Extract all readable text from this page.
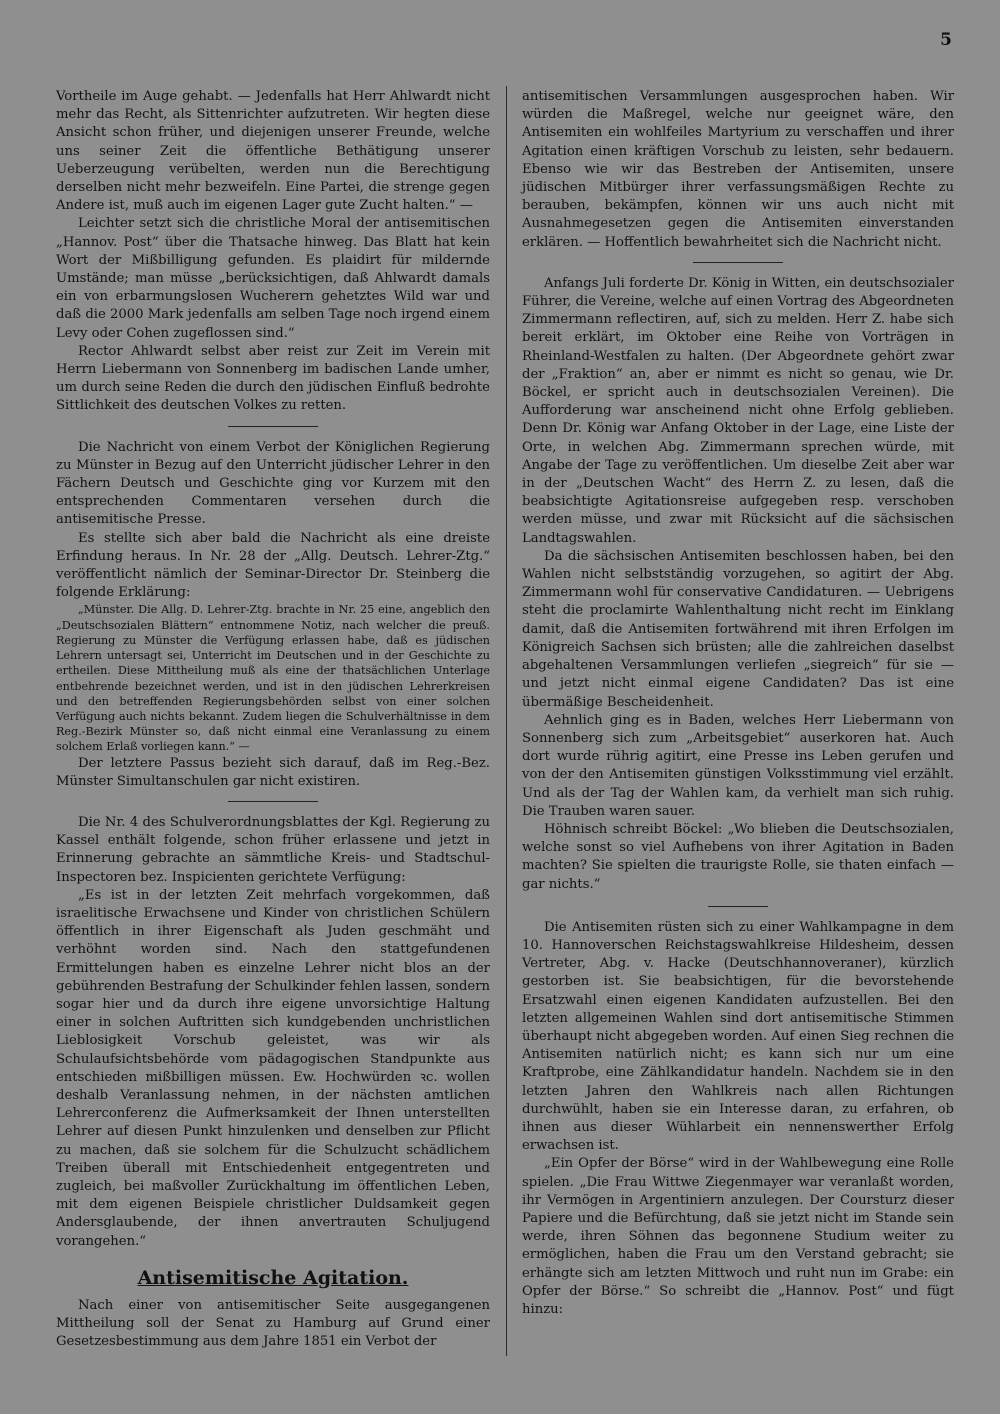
5

Vortheile im Auge gehabt. — Jedenfalls hat Herr Ahlwardt nicht mehr das Recht, als Sittenrichter aufzutreten. Wir hegten diese Ansicht schon früher, und diejenigen unserer Freunde, welche uns seiner Zeit die öffentliche Bethätigung unserer Ueberzeugung verübelten, werden nun die Berechtigung derselben nicht mehr bezweifeln. Eine Partei, die strenge gegen Andere ist, muß auch im eigenen Lager gute Zucht halten.“ —

Leichter setzt sich die christliche Moral der antisemitischen „Hannov. Post“ über die Thatsache hinweg. Das Blatt hat kein Wort der Mißbilligung gefunden. Es plaidirt für mildernde Umstände; man müsse „berücksichtigen, daß Ahlwardt damals ein von erbarmungslosen Wucherern gehetztes Wild war und daß die 2000 Mark jedenfalls am selben Tage noch irgend einem Levy oder Cohen zugeflossen sind.“

Rector Ahlwardt selbst aber reist zur Zeit im Verein mit Herrn Liebermann von Sonnenberg im badischen Lande umher, um durch seine Reden die durch den jüdischen Einfluß bedrohte Sittlichkeit des deutschen Volkes zu retten.

Die Nachricht von einem Verbot der Königlichen Regierung zu Münster in Bezug auf den Unterricht jüdischer Lehrer in den Fächern Deutsch und Geschichte ging vor Kurzem mit den entsprechenden Commentaren versehen durch die antisemitische Presse.

Es stellte sich aber bald die Nachricht als eine dreiste Erfindung heraus. In Nr. 28 der „Allg. Deutsch. Lehrer-Ztg.“ veröffentlicht nämlich der Seminar-Director Dr. Steinberg die folgende Erklärung:

„Münster. Die Allg. D. Lehrer-Ztg. brachte in Nr. 25 eine, angeblich den „Deutschsozialen Blättern“ entnommene Notiz, nach welcher die preuß. Regierung zu Münster die Verfügung erlassen habe, daß es jüdischen Lehrern untersagt sei, Unterricht im Deutschen und in der Geschichte zu ertheilen. Diese Mittheilung muß als eine der thatsächlichen Unterlage entbehrende bezeichnet werden, und ist in den jüdischen Lehrerkreisen und den betreffenden Regierungsbehörden selbst von einer solchen Verfügung auch nichts bekannt. Zudem liegen die Schulverhältnisse in dem Reg.-Bezirk Münster so, daß nicht einmal eine Veranlassung zu einem solchem Erlaß vorliegen kann.“ —

Der letztere Passus bezieht sich darauf, daß im Reg.-Bez. Münster Simultanschulen gar nicht existiren.

Die Nr. 4 des Schulverordnungsblattes der Kgl. Regierung zu Kassel enthält folgende, schon früher erlassene und jetzt in Erinnerung gebrachte an sämmtliche Kreis- und Stadtschul-Inspectoren bez. Inspicienten gerichtete Verfügung:

„Es ist in der letzten Zeit mehrfach vorgekommen, daß israelitische Erwachsene und Kinder von christlichen Schülern öffentlich in ihrer Eigenschaft als Juden geschmäht und verhöhnt worden sind. Nach den stattgefundenen Ermittelungen haben es einzelne Lehrer nicht blos an der gebührenden Bestrafung der Schulkinder fehlen lassen, sondern sogar hier und da durch ihre eigene unvorsichtige Haltung einer in solchen Auftritten sich kundgebenden unchristlichen Lieblosigkeit Vorschub geleistet, was wir als Schulaufsichtsbehörde vom pädagogischen Standpunkte aus entschieden mißbilligen müssen. Ew. Hochwürden ꝛc. wollen deshalb Veranlassung nehmen, in der nächsten amtlichen Lehrerconferenz die Aufmerksamkeit der Ihnen unterstellten Lehrer auf diesen Punkt hinzulenken und denselben zur Pflicht zu machen, daß sie solchem für die Schulzucht schädlichem Treiben überall mit Entschiedenheit entgegentreten und zugleich, bei maßvoller Zurückhaltung im öffentlichen Leben, mit dem eigenen Beispiele christlicher Duldsamkeit gegen Andersglaubende, der ihnen anvertrauten Schuljugend vorangehen.“

Antisemitische Agitation.

Nach einer von antisemitischer Seite ausgegangenen Mittheilung soll der Senat zu Hamburg auf Grund einer Gesetzesbestimmung aus dem Jahre 1851 ein Verbot der

antisemitischen Versammlungen ausgesprochen haben. Wir würden die Maßregel, welche nur geeignet wäre, den Antisemiten ein wohlfeiles Martyrium zu verschaffen und ihrer Agitation einen kräftigen Vorschub zu leisten, sehr bedauern. Ebenso wie wir das Bestreben der Antisemiten, unsere jüdischen Mitbürger ihrer verfassungsmäßigen Rechte zu berauben, bekämpfen, können wir uns auch nicht mit Ausnahmegesetzen gegen die Antisemiten einverstanden erklären. — Hoffentlich bewahrheitet sich die Nachricht nicht.

Anfangs Juli forderte Dr. König in Witten, ein deutschsozialer Führer, die Vereine, welche auf einen Vortrag des Abgeordneten Zimmermann reflectiren, auf, sich zu melden. Herr Z. habe sich bereit erklärt, im Oktober eine Reihe von Vorträgen in Rheinland-Westfalen zu halten. (Der Abgeordnete gehört zwar der „Fraktion“ an, aber er nimmt es nicht so genau, wie Dr. Böckel, er spricht auch in deutschsozialen Vereinen). Die Aufforderung war anscheinend nicht ohne Erfolg geblieben. Denn Dr. König war Anfang Oktober in der Lage, eine Liste der Orte, in welchen Abg. Zimmermann sprechen würde, mit Angabe der Tage zu veröffentlichen. Um dieselbe Zeit aber war in der „Deutschen Wacht“ des Herrn Z. zu lesen, daß die beabsichtigte Agitationsreise aufgegeben resp. verschoben werden müsse, und zwar mit Rücksicht auf die sächsischen Landtagswahlen.

Da die sächsischen Antisemiten beschlossen haben, bei den Wahlen nicht selbstständig vorzugehen, so agitirt der Abg. Zimmermann wohl für conservative Candidaturen. — Uebrigens steht die proclamirte Wahlenthaltung nicht recht im Einklang damit, daß die Antisemiten fortwährend mit ihren Erfolgen im Königreich Sachsen sich brüsten; alle die zahlreichen daselbst abgehaltenen Versammlungen verliefen „siegreich“ für sie — und jetzt nicht einmal eigene Candidaten? Das ist eine übermäßige Bescheidenheit.

Aehnlich ging es in Baden, welches Herr Liebermann von Sonnenberg sich zum „Arbeitsgebiet“ auserkoren hat. Auch dort wurde rührig agitirt, eine Presse ins Leben gerufen und von der den Antisemiten günstigen Volksstimmung viel erzählt. Und als der Tag der Wahlen kam, da verhielt man sich ruhig. Die Trauben waren sauer.

Höhnisch schreibt Böckel: „Wo blieben die Deutschsozialen, welche sonst so viel Aufhebens von ihrer Agitation in Baden machten? Sie spielten die traurigste Rolle, sie thaten einfach — gar nichts.“

Die Antisemiten rüsten sich zu einer Wahlkampagne in dem 10. Hannoverschen Reichstagswahlkreise Hildesheim, dessen Vertreter, Abg. v. Hacke (Deutschhannoveraner), kürzlich gestorben ist. Sie beabsichtigen, für die bevorstehende Ersatzwahl einen eigenen Kandidaten aufzustellen. Bei den letzten allgemeinen Wahlen sind dort antisemitische Stimmen überhaupt nicht abgegeben worden. Auf einen Sieg rechnen die Antisemiten natürlich nicht; es kann sich nur um eine Kraftprobe, eine Zählkandidatur handeln. Nachdem sie in den letzten Jahren den Wahlkreis nach allen Richtungen durchwühlt, haben sie ein Interesse daran, zu erfahren, ob ihnen aus dieser Wühlarbeit ein nennenswerther Erfolg erwachsen ist.

„Ein Opfer der Börse“ wird in der Wahlbewegung eine Rolle spielen. „Die Frau Wittwe Ziegenmayer war veranlaßt worden, ihr Vermögen in Argentiniern anzulegen. Der Coursturz dieser Papiere und die Befürchtung, daß sie jetzt nicht im Stande sein werde, ihren Söhnen das begonnene Studium weiter zu ermöglichen, haben die Frau um den Verstand gebracht; sie erhängte sich am letzten Mittwoch und ruht nun im Grabe: ein Opfer der Börse.“ So schreibt die „Hannov. Post“ und fügt hinzu:
